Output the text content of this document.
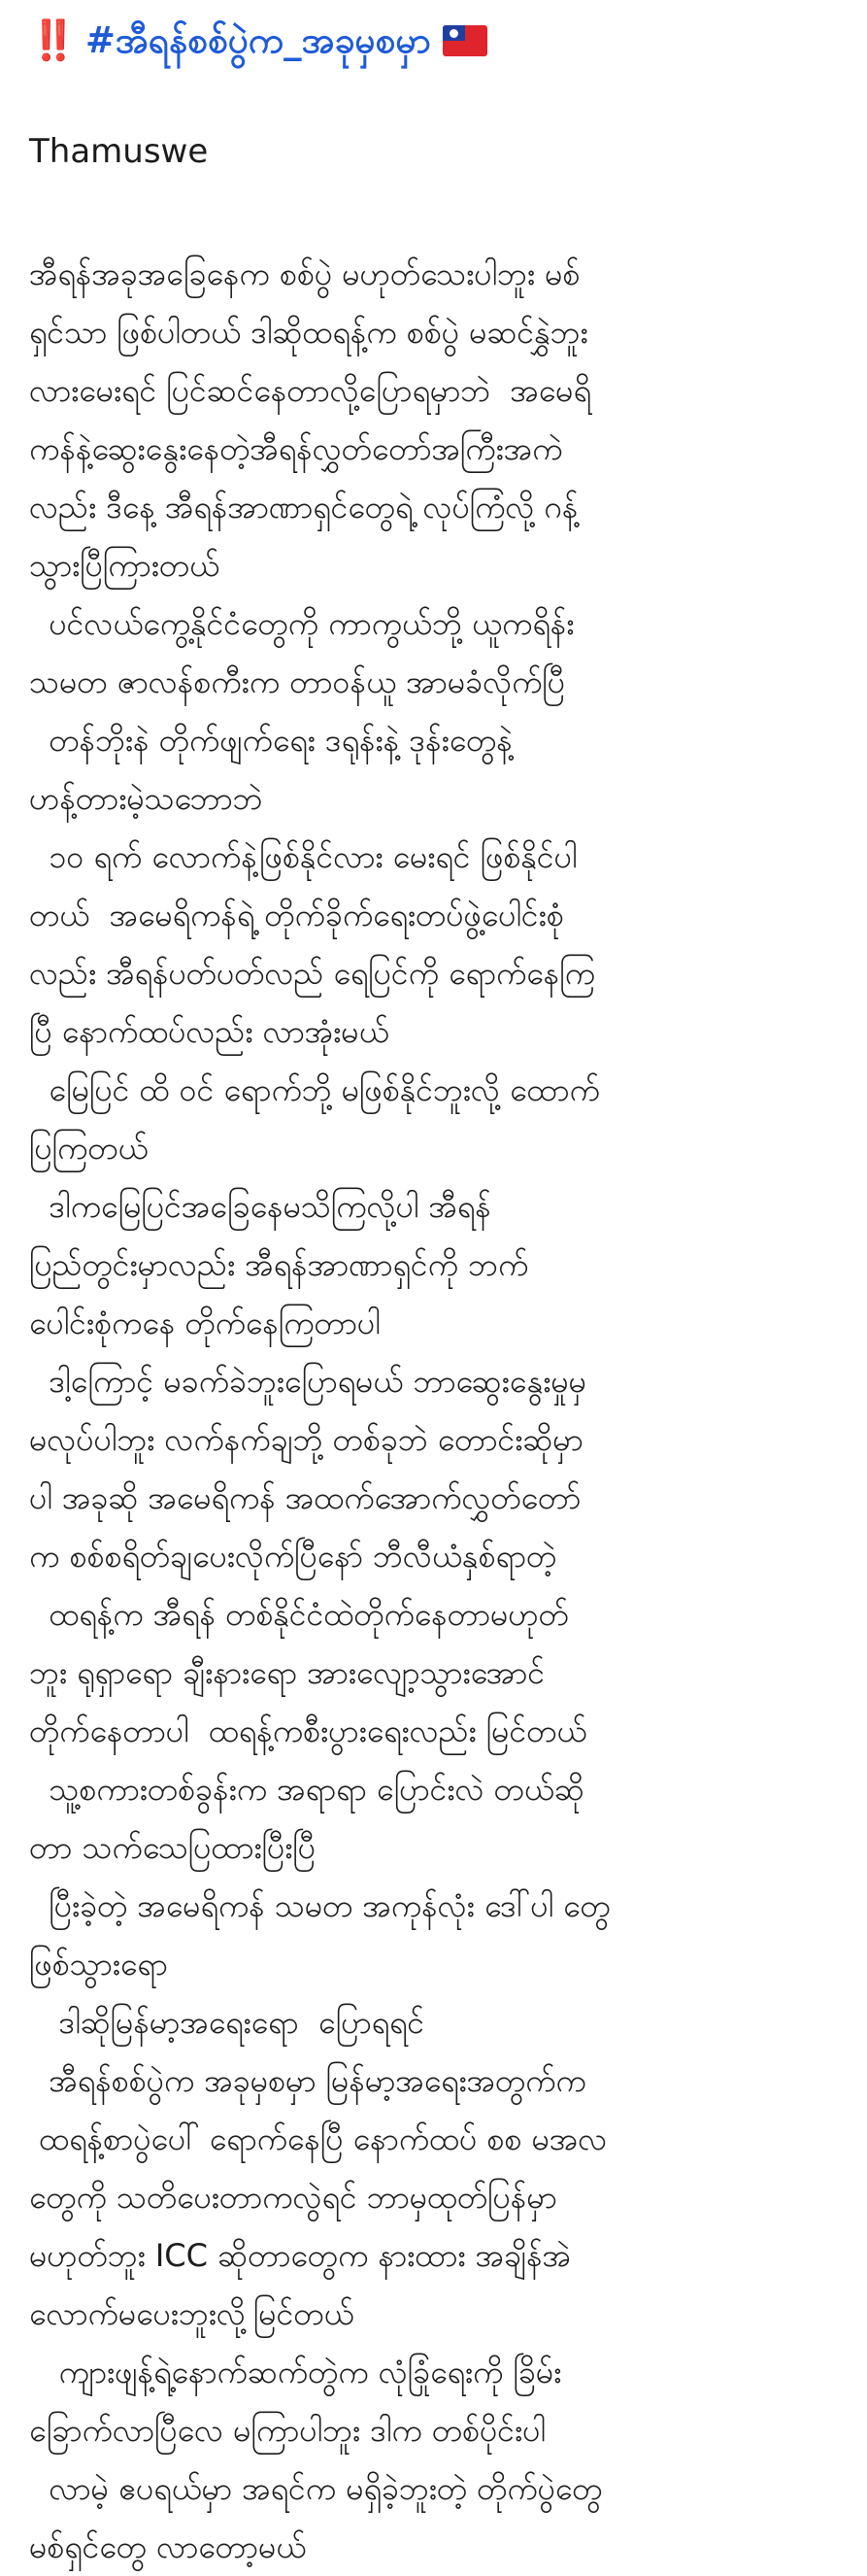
‼️ #အီရန်စစ်ပွဲက_အခုမှစမှာ
Thamuswe
အီရန်အခုအခြေနေက စစ်ပွဲ မဟုတ်သေးပါဘူး မစ်
ရှင်သာ ဖြစ်ပါတယ် ဒါဆိုထရန့်က စစ်ပွဲ မဆင်နွှဲဘူး
လားမေးရင် ပြင်ဆင်နေတာလို့ပြောရမှာဘဲ  အမေရိ
ကန်နဲ့ဆွေးနွေးနေတဲ့အီရန်လွှတ်တော်အကြီးအကဲ
လည်း ဒီနေ့ အီရန်အာဏာရှင်တွေရဲ့ လုပ်ကြံလို့ ဂန့်
သွားပြီကြားတယ်
ပင်လယ်ကွေ့နိုင်ငံတွေကို ကာကွယ်ဘို့ ယူကရိန်း
သမတ ဇာလန်စကီးက တာဝန်ယူ အာမခံလိုက်ပြီ
တန်ဘိုးနဲ တိုက်ဖျက်ရေး ဒရုန်းနဲ့ ဒုန်းတွေနဲ့
ဟန့်တားမဲ့သဘောဘဲ
၁၀ ရက် လောက်နဲ့ဖြစ်နိုင်လား မေးရင် ဖြစ်နိုင်ပါ
တယ်  အမေရိကန်ရဲ့ တိုက်ခိုက်ရေးတပ်ဖွဲ့ပေါင်းစုံ
လည်း အီရန်ပတ်ပတ်လည် ရေပြင်ကို ရောက်နေကြ
ပြီ နောက်ထပ်လည်း လာအုံးမယ်
မြေပြင် ထိ ဝင် ရောက်ဘို့ မဖြစ်နိုင်ဘူးလို့ ထောက်
ပြကြတယ်
ဒါကမြေပြင်အခြေနေမသိကြလို့ပါ အီရန်
ပြည်တွင်းမှာလည်း အီရန်အာဏာရှင်ကို ဘက်
ပေါင်းစုံကနေ တိုက်နေကြတာပါ
ဒါ့ကြောင့် မခက်ခဲဘူးပြောရမယ် ဘာဆွေးနွေးမှုမှ
မလုပ်ပါဘူး လက်နက်ချဘို့ တစ်ခုဘဲ တောင်းဆိုမှာ
ပါ အခုဆို အမေရိကန် အထက်အောက်လွှတ်တော်
က စစ်စရိတ်ချပေးလိုက်ပြီနော် ဘီလီယံနှစ်ရာတဲ့
ထရန့်က အီရန် တစ်နိုင်ငံထဲတိုက်နေတာမဟုတ်
ဘူး ရုရှာရော ချီးနားရော အားလျော့သွားအောင်
တိုက်နေတာပါ  ထရန့်ကစီးပွားရေးလည်း မြင်တယ်
သူ့စကားတစ်ခွန်းက အရာရာ ပြောင်းလဲ တယ်ဆို
တာ သက်သေပြထားပြီးပြီ
ပြီးခဲ့တဲ့ အမေရိကန် သမတ အကုန်လုံး ဒေါ်ပါ တွေ
ဖြစ်သွားရော
ဒါဆိုမြန်မာ့အရေးရော  ပြောရရင်
အီရန်စစ်ပွဲက အခုမှစမှာ မြန်မာ့အရေးအတွက်က
ထရန့်စာပွဲပေါ် ရောက်နေပြီ နောက်ထပ် စစ မအလ
တွေကို သတိပေးတာကလွဲရင် ဘာမှထုတ်ပြန်မှာ
မဟုတ်ဘူး ICC ဆိုတာတွေက နားထား အချိန်အဲ
လောက်မပေးဘူးလို့မြင်တယ်
ကျားဖျန့်ရဲ့နောက်ဆက်တွဲက လုံခြုံရေးကို ခြိမ်း
ခြောက်လာပြီလေ မကြာပါဘူး ဒါက တစ်ပိုင်းပါ
လာမဲ့ ဧပရယ်မှာ အရင်က မရှိခဲ့ဘူးတဲ့ တိုက်ပွဲတွေ
မစ်ရှင်တွေ လာတော့မယ်
